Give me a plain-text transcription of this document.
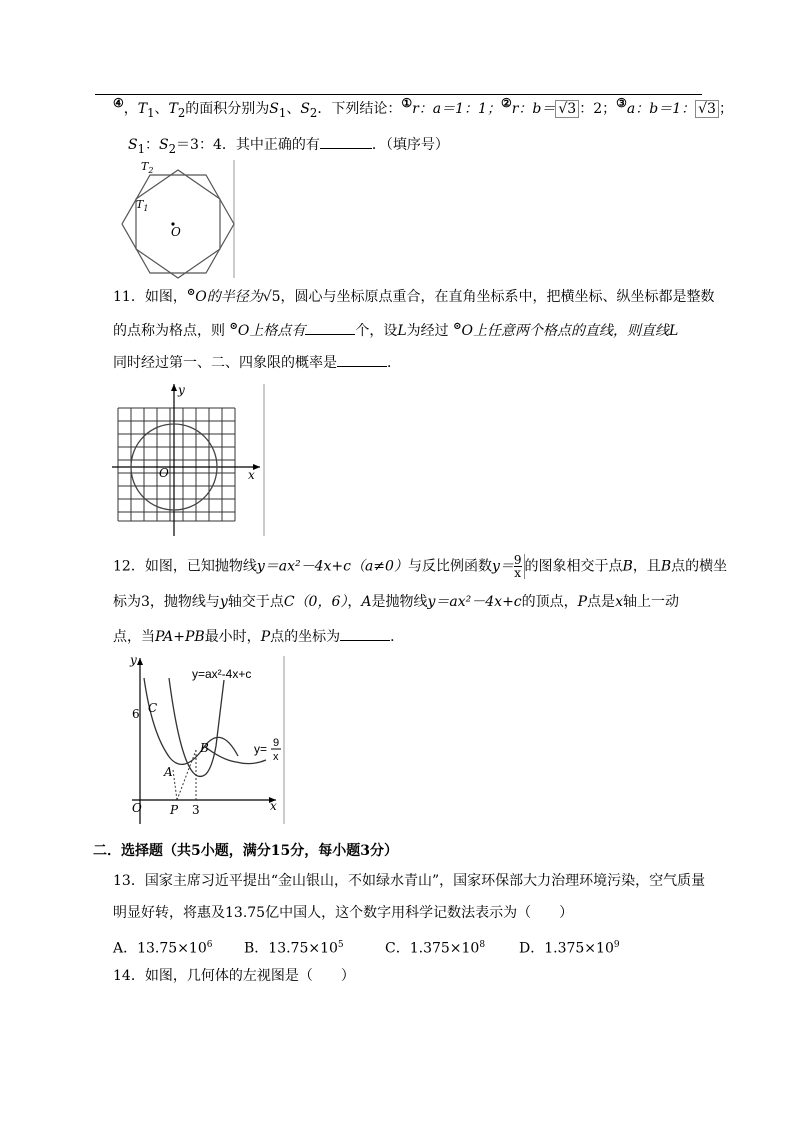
④，$T_1$、$T_2$的面积分别为$S_1$、$S_2$．下列结论：①r：a＝1：1；②r：b＝ √3 ：2；③a：b＝1： √3 ；
$S_1$：$S_2=3$：4．其中正确的有	．（填序号）
$T_2$
$T_1$
O
11．如图，⊙O的半径为√5，圆心与坐标原点重合，在直角坐标系中，把横坐标、纵坐标都是整数
的点称为格点，则 ⊙O上格点有	个，设L为经过 ⊙O上任意两个格点的直线，则直线L
同时经过第一、二、四象限的概率是	．
y
x
O
12．如图，已知抛物线y＝ax²－4x+c（a≠0）与反比例函数$y= \frac{9}{x}$ 的图象相交于点B，且B点的横坐
标为3，抛物线与y轴交于点C（0，6），A是抛物线y＝ax²－4x+c的顶点，P点是x轴上一动
点，当PA+PB最小时，P点的坐标为	．
y
x
O
6 C
B
A
P 3
y=ax²-4x+c
y= 9
x
二．选择题（共5小题，满分15分，每小题3分）
13．国家主席习近平提出“金山银山，不如绿水青山”，国家环保部大力治理环境污染，空气质量
明显好转，将惠及13.75亿中国人，这个数字用科学记数法表示为（　　）
A．$13.75\times 10^6$ B．$13.75\times 10^5$	C．$1.375\times 10^8$ D．$1.375\times 10^9$
14．如图，几何体的左视图是（　　）
